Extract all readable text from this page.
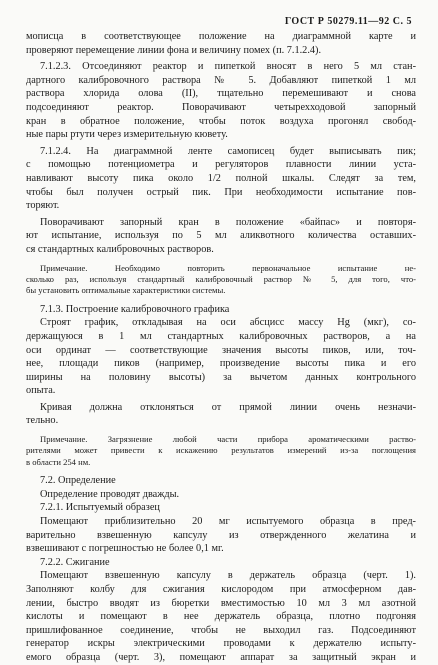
ГОСТ Р 50279.11—92 С. 5
мописца в соответствующее положение на диаграммной карте и
проверяют перемещение линии фона и величину помех (п. 7.1.2.4).
7.1.2.3. Отсоединяют реактор и пипеткой вносят в него 5 мл стан-
дартного калибровочного раствора № 5. Добавляют пипеткой 1 мл
раствора хлорида олова (II), тщательно перемешивают и снова
подсоединяют реактор. Поворачивают четырехходовой запорный
кран в обратное положение, чтобы поток воздуха прогонял свобод-
ные пары ртути через измерительную кювету.
7.1.2.4. На диаграммной ленте самописец будет выписывать пик;
с помощью потенциометра и регуляторов плавности линии уста-
навливают высоту пика около 1/2 полной шкалы. Следят за тем,
чтобы был получен острый пик. При необходимости испытание пов-
торяют.
Поворачивают запорный кран в положение «байпас» и повторя-
ют испытание, используя по 5 мл аликвотного количества оставших-
ся стандартных калибровочных растворов.
Примечание. Необходимо повторить первоначальное испытание не-
сколько раз, используя стандартный калибровочный раствор № 5, для того, что-
бы установить оптимальные характеристики системы.
7.1.3. Построение калибровочного графика
Строят график, откладывая на оси абсцисс массу Hg (мкг), со-
держащуюся в 1 мл стандартных калибровочных растворов, а на
оси ординат — соответствующие значения высоты пиков, или, точ-
нее, площади пиков (например, произведение высоты пика и его
ширины на половину высоты) за вычетом данных контрольного
опыта.
Кривая должна отклоняться от прямой линии очень незначи-
тельно.
Примечание. Загрязнение любой части прибора ароматическими раство-
рителями может привести к искажению результатов измерений из-за поглощения
в области 254 нм.
7.2. Определение
Определение проводят дважды.
7.2.1. Испытуемый образец
Помещают приблизительно 20 мг испытуемого образца в пред-
варительно взвешенную капсулу из отвержденного желатина и
взвешивают с погрешностью не более 0,1 мг.
7.2.2. Сжигание
Помещают взвешенную капсулу в держатель образца (черт. 1).
Заполняют колбу для сжигания кислородом при атмосферном дав-
лении, быстро вводят из бюретки вместимостью 10 мл 3 мл азотной
кислоты и помещают в нее держатель образца, плотно подгоняя
пришлифованное соединение, чтобы не выходил газ. Подсоединяют
генератор искры электрическими проводами к держателю испыту-
емого образца (черт. 3), помещают аппарат за защитный экран и
